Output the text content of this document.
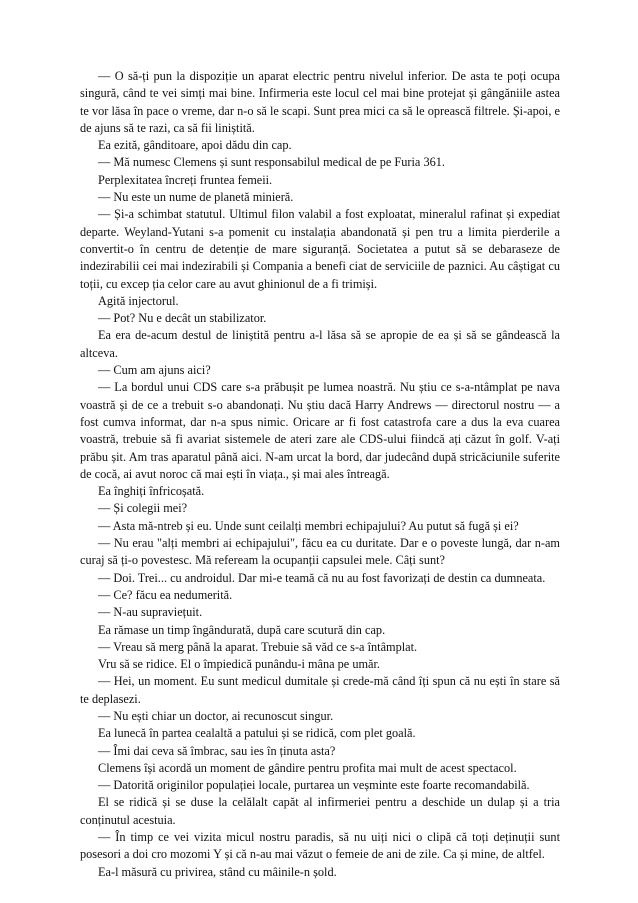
— O să-ți pun la dispoziție un aparat electric pentru nivelul inferior. De asta te poți ocupa singură, când te vei simți mai bine. Infirmeria este locul cel mai bine protejat și gângăniile astea te vor lăsa în pace o vreme, dar n-o să le scapi. Sunt prea mici ca să le oprească filtrele. Și-apoi, e de ajuns să te razi, ca să fii liniștită.

Ea ezită, gânditoare, apoi dădu din cap.

— Mă numesc Clemens și sunt responsabilul medical de pe Furia 361.

Perplexitatea încreți fruntea femeii.

— Nu este un nume de planetă minieră.

— Și-a schimbat statutul. Ultimul filon valabil a fost exploatat, mineralul rafinat și expediat departe. Weyland-Yutani s-a pomenit cu instalația abandonată și pen tru a limita pierderile a convertit-o în centru de detenție de mare siguranță. Societatea a putut să se debaraseze de indezirabilii cei mai indezirabili și Compania a benefi ciat de serviciile de paznici. Au câștigat cu toții, cu excep ția celor care au avut ghinionul de a fi trimiși.

Agită injectorul.

— Pot? Nu e decât un stabilizator.

Ea era de-acum destul de liniștită pentru a-l lăsa să se apropie de ea și să se gândească la altceva.

— Cum am ajuns aici?

— La bordul unui CDS care s-a prăbușit pe lumea noastră. Nu știu ce s-a-ntâmplat pe nava voastră și de ce a trebuit s-o abandonați. Nu știu dacă Harry Andrews — directorul nostru — a fost cumva informat, dar n-a spus nimic. Oricare ar fi fost catastrofa care a dus la eva cuarea voastră, trebuie să fi avariat sistemele de ateri zare ale CDS-ului fiindcă ați căzut în golf. V-ați prăbu șit. Am tras aparatul până aici. N-am urcat la bord, dar judecând după stricăciunile suferite de cocă, ai avut noroc că mai ești în viața., și mai ales întreagă.

Ea înghiți înfricoșată.

— Și colegii mei?

— Asta mă-ntreb și eu. Unde sunt ceilalți membri echipajului? Au putut să fugă și ei?

— Nu erau "alți membri ai echipajului", făcu ea cu duritate. Dar e o poveste lungă, dar n-am curaj să ți-o povestesc. Mă refeream la ocupanții capsulei mele. Câți sunt?

— Doi. Trei... cu androidul. Dar mi-e teamă că nu au fost favorizați de destin ca dumneata.

— Ce? făcu ea nedumerită.

— N-au supraviețuit.

Ea rămase un timp îngândurată, după care scutură din cap.

— Vreau să merg până la aparat. Trebuie să văd ce s-a întâmplat.

Vru să se ridice. El o împiedică punându-i mâna pe umăr.

— Hei, un moment. Eu sunt medicul dumitale și crede-mă când îți spun că nu ești în stare să te deplasezi.

— Nu ești chiar un doctor, ai recunoscut singur.

Ea lunecă în partea cealaltă a patului și se ridică, com plet goală.

— Îmi dai ceva să îmbrac, sau ies în ținuta asta?

Clemens își acordă un moment de gândire pentru profita mai mult de acest spectacol.

— Datorită originilor populației locale, purtarea un veșminte este foarte recomandabilă.

El se ridică și se duse la celălalt capăt al infirmeriei pentru a deschide un dulap și a tria conținutul acestuia.

— În timp ce vei vizita micul nostru paradis, să nu uiți nici o clipă că toți deținuții sunt posesori a doi cro mozomi Y și că n-au mai văzut o femeie de ani de zile. Ca și mine, de altfel.

Ea-l măsură cu privirea, stând cu mâinile-n șold.
